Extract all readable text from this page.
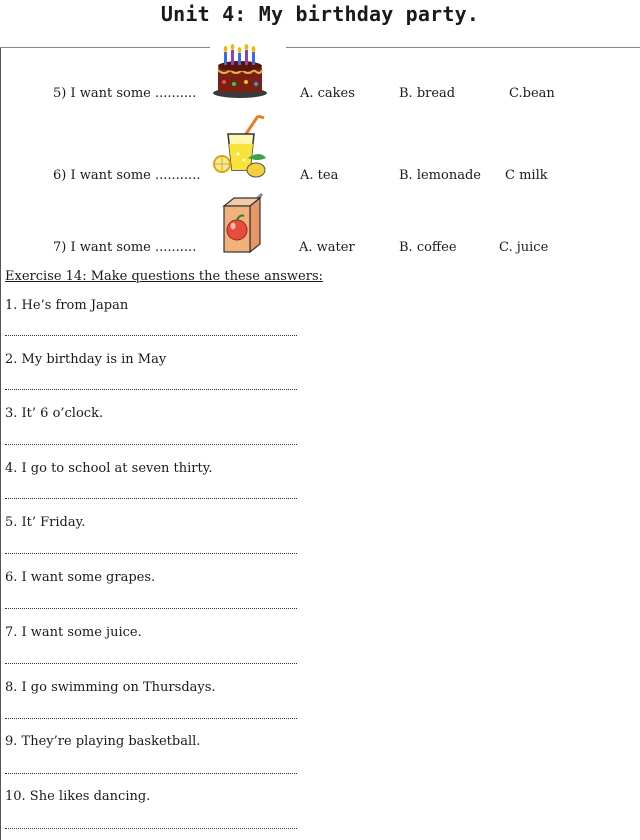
Unit 4: My birthday party.
5) I want some ..........	A. cakes	B. bread	C.bean
6) I want some ...........	A. tea	B. lemonade C milk
7) I want some ..........	A. water	B. coffee	C. juice
Exercise 14: Make questions the these answers:
1. He’s from Japan
2. My birthday is in May
3. It’ 6 o’clock.
4. I go to school at seven thirty.
5. It’ Friday.
6. I want some grapes.
7. I want some juice.
8. I go swimming on Thursdays.
9. They’re playing basketball.
10. She likes dancing.
